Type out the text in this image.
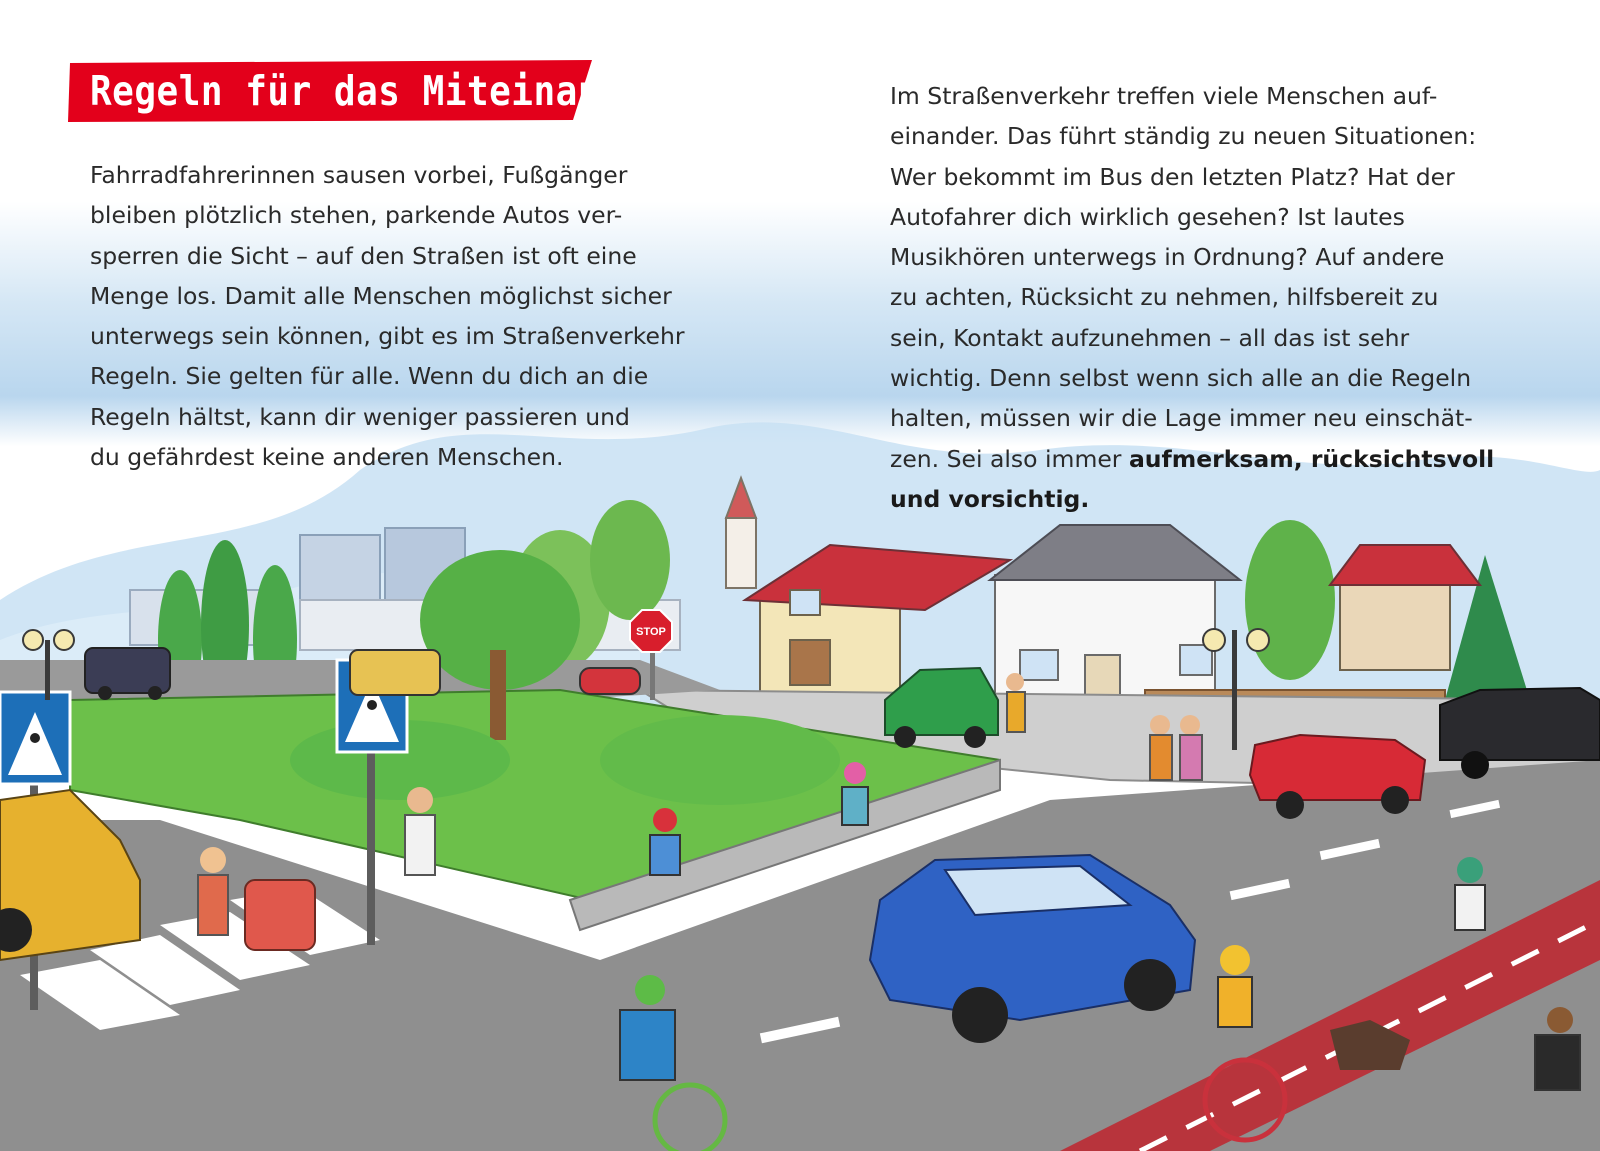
STOP
Regeln für das Miteinander
Fahrradfahrerinnen sausen vorbei, Fußgänger
bleiben plötzlich stehen, parkende Autos ver-
sperren die Sicht – auf den Straßen ist oft eine
Menge los. Damit alle Menschen möglichst sicher
unterwegs sein können, gibt es im Straßenverkehr
Regeln. Sie gelten für alle. Wenn du dich an die
Regeln hältst, kann dir weniger passieren und
du gefährdest keine anderen Menschen.
Im Straßenverkehr treffen viele Menschen auf-
einander. Das führt ständig zu neuen Situationen:
Wer bekommt im Bus den letzten Platz? Hat der
Autofahrer dich wirklich gesehen? Ist lautes
Musikhören unterwegs in Ordnung? Auf andere
zu achten, Rücksicht zu nehmen, hilfsbereit zu
sein, Kontakt aufzunehmen – all das ist sehr
wichtig. Denn selbst wenn sich alle an die Regeln
halten, müssen wir die Lage immer neu einschät-
zen. Sei also immer aufmerksam, rücksichtsvoll
und vorsichtig.
